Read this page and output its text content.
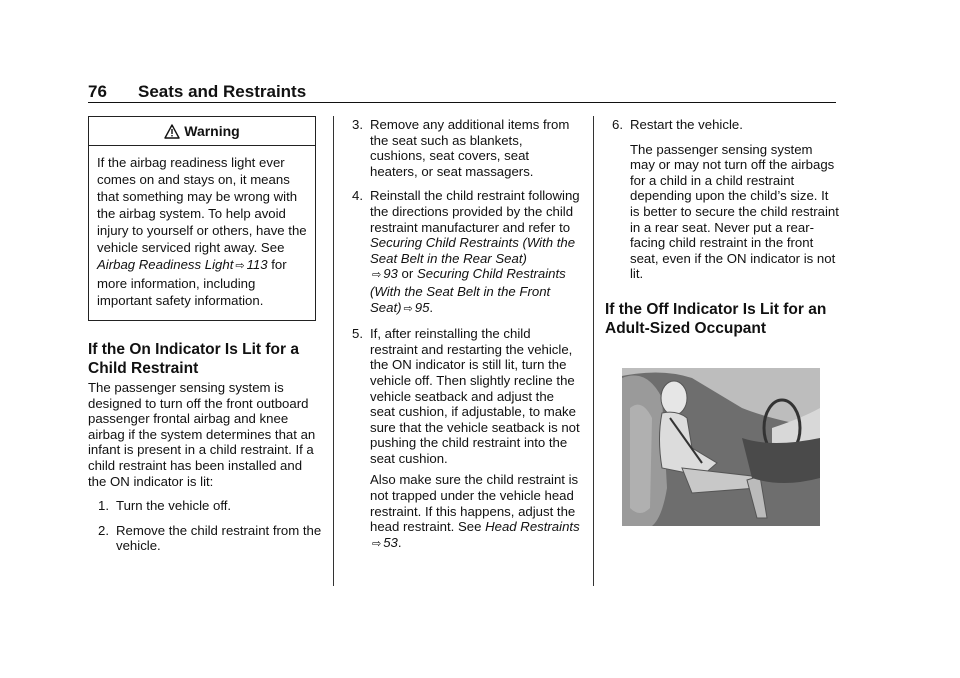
76 Seats and Restraints
Warning
If the airbag readiness light ever comes on and stays on, it means that something may be wrong with the airbag system. To help avoid injury to yourself or others, have the vehicle serviced right away. See Airbag Readiness Light ⇨ 113 for more information, including important safety information.
If the On Indicator Is Lit for a Child Restraint

The passenger sensing system is designed to turn off the front outboard passenger frontal airbag and knee airbag if the system determines that an infant is present in a child restraint. If a child restraint has been installed and the ON indicator is lit:

1. Turn the vehicle off.
2. Remove the child restraint from the vehicle.
3. Remove any additional items from the seat such as blankets, cushions, seat covers, seat heaters, or seat massagers.
4. Reinstall the child restraint following the directions provided by the child restraint manufacturer and refer to Securing Child Restraints (With the Seat Belt in the Rear Seat)
⇨ 93 or Securing Child Restraints (With the Seat Belt in the Front Seat) ⇨ 95.
5. If, after reinstalling the child restraint and restarting the vehicle, the ON indicator is still lit, turn the vehicle off. Then slightly recline the vehicle seatback and adjust the seat cushion, if adjustable, to make sure that the vehicle seatback is not pushing the child restraint into the seat cushion.

Also make sure the child restraint is not trapped under the vehicle head restraint. If this happens, adjust the head restraint. See Head Restraints
⇨ 53.

6. Restart the vehicle.

The passenger sensing system may or may not turn off the airbags for a child in a child restraint depending upon the child’s size. It is better to secure the child restraint in a rear seat. Never put a rear-facing child restraint in the front seat, even if the ON indicator is not lit.

If the Off Indicator Is Lit for an Adult-Sized Occupant
